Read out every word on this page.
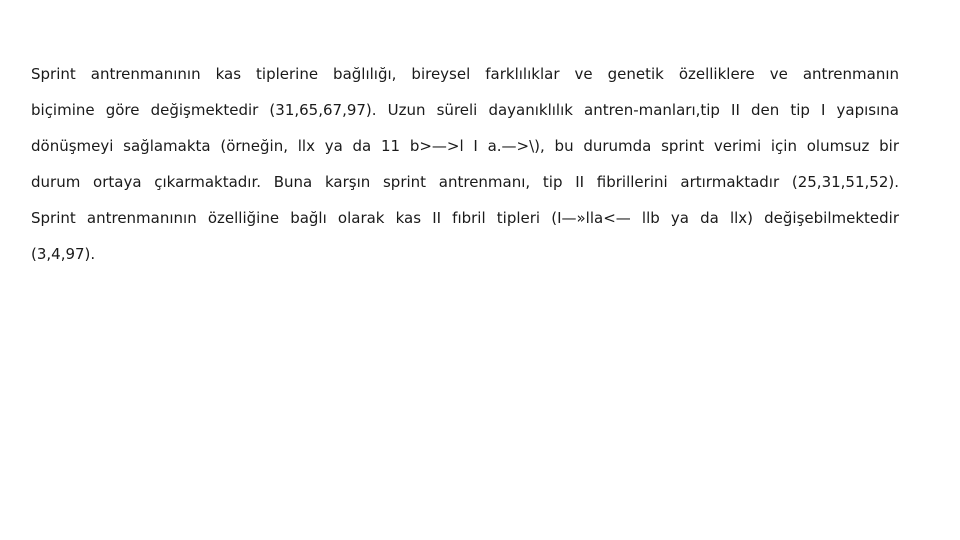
Sprint antrenmanının kas tiplerine bağlılığı, bireysel farklılıklar ve genetik özelliklere ve antrenmanın
biçimine göre değişmektedir (31,65,67,97). Uzun süreli dayanıklılık antren-manları,tip II den tip I yapısına
dönüşmeyi sağlamakta (örneğin, llx ya da 11 b>—>l I a.—>\), bu durumda sprint verimi için olumsuz bir
durum ortaya çıkarmaktadır. Buna karşın sprint antrenmanı, tip II fibrillerini artırmaktadır (25,31,51,52).
Sprint antrenmanının özelliğine bağlı olarak kas II fıbril tipleri (I—»lla<— llb ya da llx) değişebilmektedir
(3,4,97).
